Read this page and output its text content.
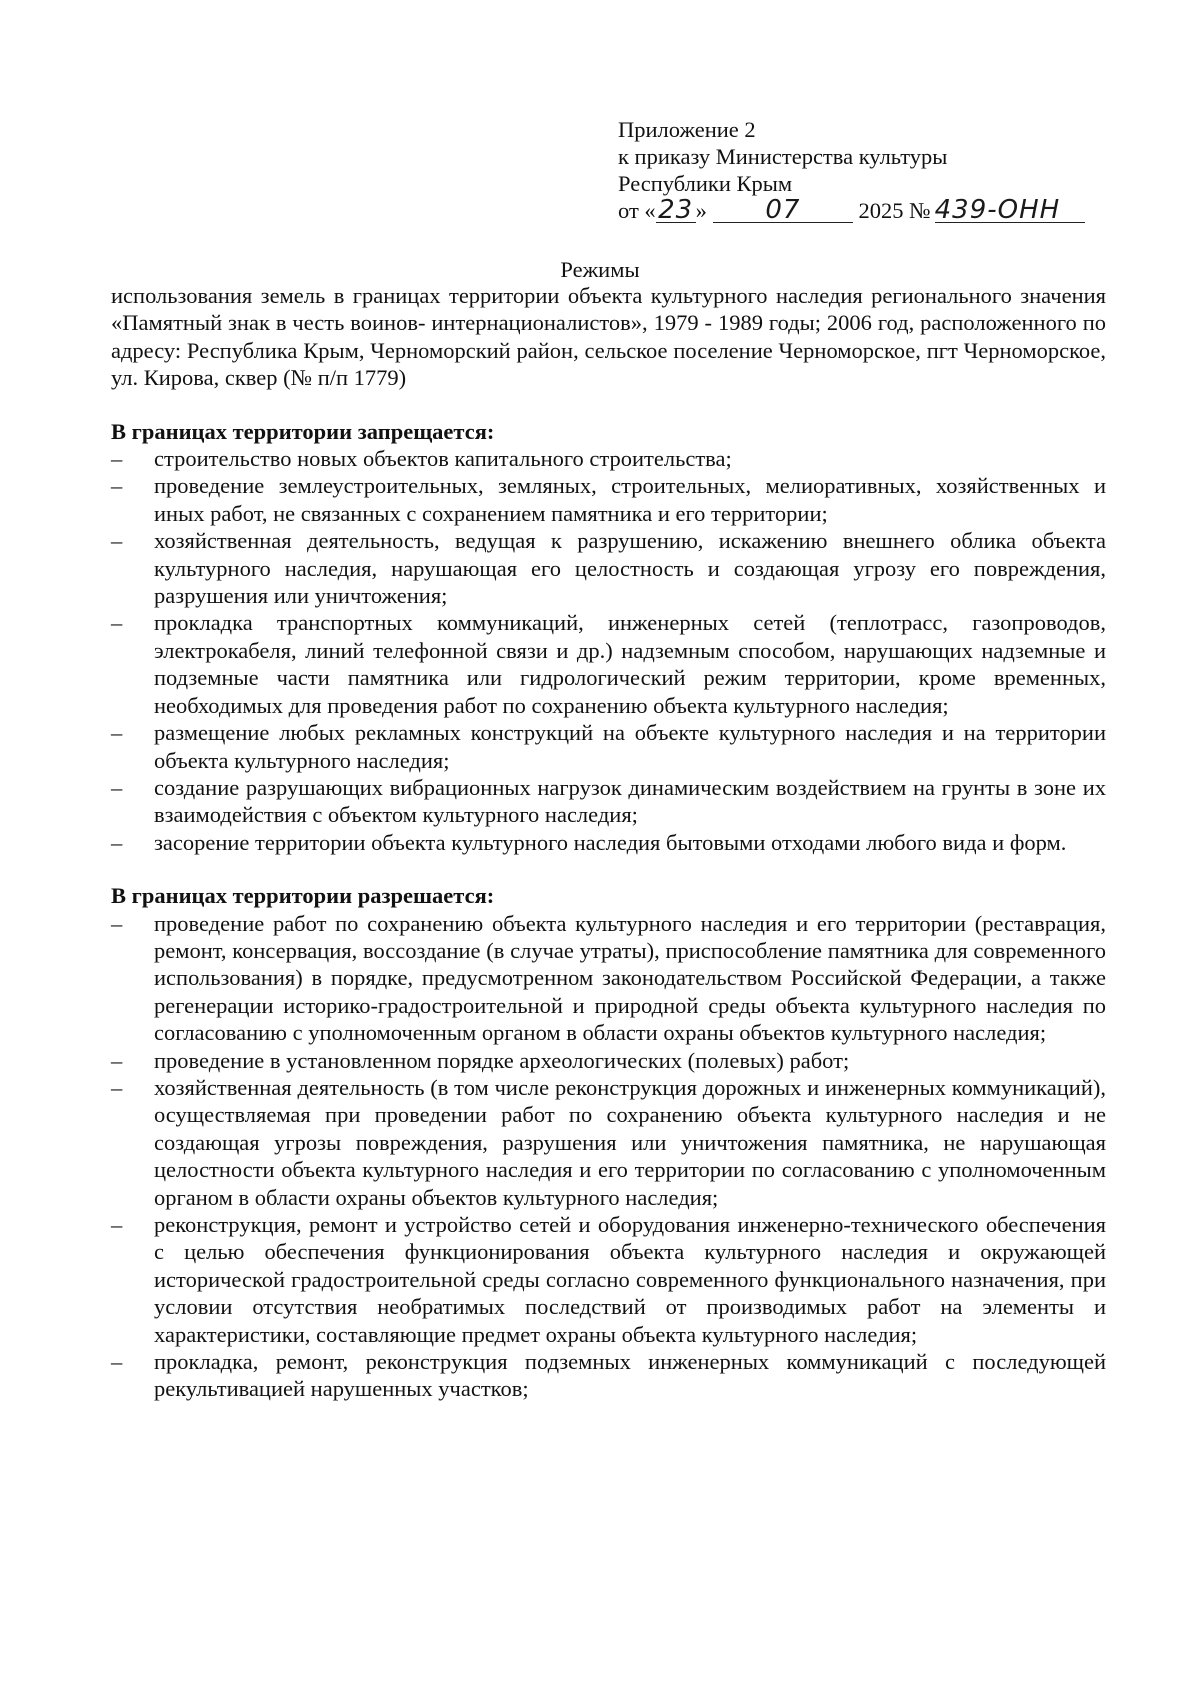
Приложение 2
к приказу Министерства культуры
Республики Крым
от «23 » 07	2025 № 439-ОНН
Режимы

использования земель в границах территории объекта культурного наследия регионального значения «Памятный знак в честь воинов- интернационалистов», 1979 - 1989 годы; 2006 год, расположенного по адресу: Республика Крым, Черноморский район, сельское поселение Черноморское, пгт Черноморское, ул. Кирова, сквер (№ п/п 1779)

В границах территории запрещается:
–	строительство новых объектов капитального строительства;
–	проведение землеустроительных, земляных, строительных, мелиоративных, хозяйственных и иных работ, не связанных с сохранением памятника и его территории;
–	хозяйственная деятельность, ведущая к разрушению, искажению внешнего облика объекта культурного наследия, нарушающая его целостность и создающая угрозу его повреждения, разрушения или уничтожения;
–	прокладка транспортных коммуникаций, инженерных сетей (теплотрасс, газопроводов, электрокабеля, линий телефонной связи и др.) надземным способом, нарушающих надземные и подземные части памятника или гидрологический режим территории, кроме временных, необходимых для проведения работ по сохранению объекта культурного наследия;
–	размещение любых рекламных конструкций на объекте культурного наследия и на территории объекта культурного наследия;
–	создание разрушающих вибрационных нагрузок динамическим воздействием на грунты в зоне их взаимодействия с объектом культурного наследия;
–	засорение территории объекта культурного наследия бытовыми отходами любого вида и форм.
В границах территории разрешается:
–	проведение работ по сохранению объекта культурного наследия и его территории (реставрация, ремонт, консервация, воссоздание (в случае утраты), приспособление памятника для современного использования) в порядке, предусмотренном законодательством Российской Федерации, а также регенерации историко-градостроительной и природной среды объекта культурного наследия по согласованию с уполномоченным органом в области охраны объектов культурного наследия;
–	проведение в установленном порядке археологических (полевых) работ;
–	хозяйственная деятельность (в том числе реконструкция дорожных и инженерных коммуникаций), осуществляемая при проведении работ по сохранению объекта культурного наследия и не создающая угрозы повреждения, разрушения или уничтожения памятника, не нарушающая целостности объекта культурного наследия и его территории по согласованию с уполномоченным органом в области охраны объектов культурного наследия;
–	реконструкция, ремонт и устройство сетей и оборудования инженерно-технического обеспечения с целью обеспечения функционирования объекта культурного наследия и окружающей исторической градостроительной среды согласно современного функционального назначения, при условии отсутствия необратимых последствий от производимых работ на элементы и характеристики, составляющие предмет охраны объекта культурного наследия;
–	прокладка, ремонт, реконструкция подземных инженерных коммуникаций с последующей рекультивацией нарушенных участков;
